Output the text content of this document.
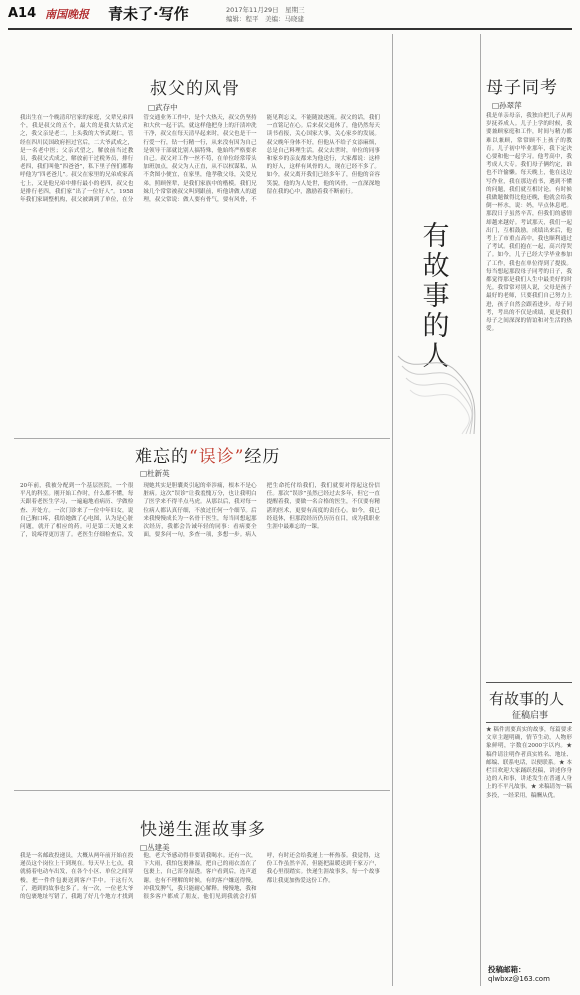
A14 南国晚报 青未了·写作	2017年11月29日　星期三
编辑：程平　美编：马晓建
叔父的风骨
□武存中
我出生在一个晚清印官家的家庭，父辈兄弟四个，我是叔父的五个，最大的是我大姑式定之，我父亲是老二，上头我的大爷武观仁，管经在四川民国政府担过官后，二大爷武成之，是一名老中医；父亲式望之，解放前当过教员，我叔父式成之，解放前干过税务员，排行老四，我们叫他“四爸爸”，私下里子侄们都称呼他为“四老爸儿”。叔父在家里的兄弟成家高七上，又是他兄弟中排行最小的老四，叔父也是排行老四，我们家“出了一位好人”。1958年我们家调整机构，叔父被调到了单位，在分管交通业务工作中，是个大热天，叔父仍坚持和大伙一起干活，就这样他把身上的汗渍冲洗干净，叔父在每天清早起来时，叔父也是干一行爱一行，钻一行精一行，从来没有因为自己是领导干部就比别人搞特殊，他始终严格要求自己。叔父对工作一丝不苟，在单位经常带头加班加点，叔父为人正直，从不以权谋私，从不贪图小便宜，在家里，他孝敬父母，关爱兄弟，照顾侄辈，是我们家族中的楷模。我们兄妹几个常常被叔父叫到跟前，听他讲做人的道理，叔父常说：做人要有骨气，要有风骨，不能见利忘义，不能随波逐流。叔父的话，我们一直铭记在心。后来叔父退休了，他仍然每天读书看报，关心国家大事，关心家乡的发展。叔父晚年身体不好，但他从不给子女添麻烦，总是自己料理生活。叔父去世时，单位的同事和家乡的亲友都来为他送行，大家都说：这样的好人，这样有风骨的人，现在已经不多了。如今，叔父离开我们已经多年了，但他的音容笑貌，他的为人处世，他的风骨，一直深深地留在我的心中，激励着我不断前行。
难忘的“误诊”经历
□杜新英
20年前，我被分配到一个基层医院，一个很平凡的科室。刚开始工作时，什么都不懂，每天跟着老医生学习，一遍遍地看病历、学做检查、开处方。一次门诊来了一位中年妇女，说自己胸口疼，我给她做了心电图，认为是心脏问题，就开了相应的药。可是第二天她又来了，说疼得更厉害了。老医生仔细检查后，发现她其实是胆囊炎引起的牵涉痛，根本不是心脏病。这次“误诊”让我羞愧万分，也让我明白了医学来不得半点马虎。从那以后，我对每一位病人都认真仔细，不放过任何一个细节。后来我慢慢成长为一名骨干医生，每当回想起那次经历，我都会告诫年轻的同事：看病要全面，要多问一句，多查一项，多想一步。病人把生命托付给我们，我们就要对得起这份信任。那次“误诊”虽然已经过去多年，但它一直提醒着我，要做一名合格的医生，不仅要有精湛的医术，更要有高度的责任心。如今，我已经退休，但那段经历仍历历在目，成为我职业生涯中最难忘的一课。
快递生涯故事多
□丛建美
我是一名邮政投递员，大概从两年前开始在投递员这个岗位上干到现在。每天早上七点，我就骑着电动车出发，在各个小区、单位之间穿梭，把一件件包裹送到客户手中。干这行久了，遇到的故事也多了。有一次，一位老大爷的包裹地址写错了，我跑了好几个地方才找到他，老大爷感动得非要请我喝水。还有一次，下大雨，我怕包裹淋湿，把自己的雨衣盖在了包裹上，自己浑身湿透。客户看到后，连声道谢。也有不理解的时候，有的客户嫌送得慢，冲我发脾气，我只能耐心解释。慢慢地，我和很多客户都成了朋友，他们见到我就会打招呼，有时还会给我递上一杯热茶。我觉得，这份工作虽然辛苦，但能把温暖送到千家万户，我心里很踏实。快递生涯故事多，每一个故事都让我更加热爱这份工作。
有故事的人
母子同考
□孙翠萍
我是单亲母亲，我独自把儿子从两岁抚养成人。儿子上学的时候，我要兼顾家庭和工作，时间与精力都难以兼顾，常常顾不上孩子的教育。儿子初中毕业那年，我下定决心要和他一起学习。他考高中，我考成人大专。我们母子俩约定，谁也不许偷懒。每天晚上，他在这边写作业，我在那边看书，遇到不懂的问题，我们就互相讨论。有时候我做题做得比他还晚，他就会给我倒一杯水，说：妈，早点休息吧。那段日子虽然辛苦，但我们的感情却越来越好。考试那天，我们一起出门，互相鼓励。成绩出来后，他考上了市重点高中，我也顺利通过了考试。我们抱在一起，高兴得哭了。如今，儿子已经大学毕业参加了工作，我也在单位得到了提拔。每当想起那段母子同考的日子，我都觉得那是我们人生中最美好的时光。我常常对别人说，父母是孩子最好的老师，只要我们自己努力上进，孩子自然会跟着进步。母子同考，考出的不仅是成绩，更是我们母子之间深深的情谊和对生活的热爱。
有故事的人
征稿启事
★ 稿件需要真实的故事，每篇要求文章主题明确，情节生动，人物形象鲜明，字数在2000字以内。★ 稿件请注明作者真实姓名、地址、邮编、联系电话，以便联系。★ 本栏目欢迎大家踊跃投稿，讲述你身边的人和事，讲述发生在普通人身上的不平凡故事。★ 来稿请勿一稿多投，一经采用，稿酬从优。
投稿邮箱：
qlwbxz@163.com
